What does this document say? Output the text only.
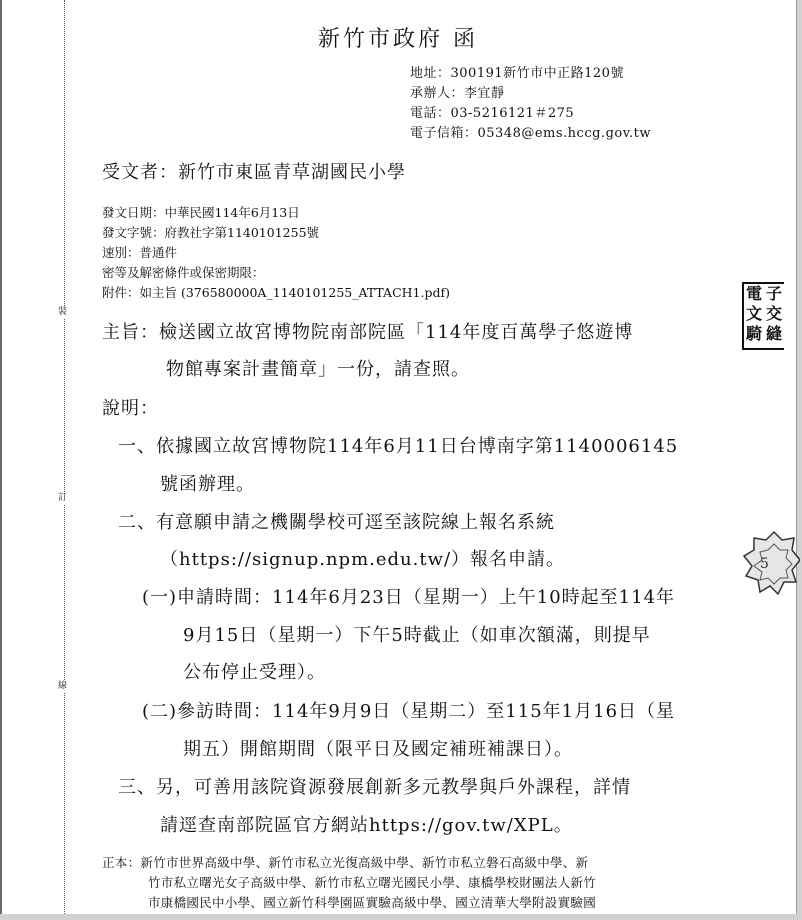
裝
訂
線
新竹市政府 函
地址：300191新竹市中正路120號
承辦人：李宜靜
電話：03-5216121＃275
電子信箱：05348@ems.hccg.gov.tw
受文者：新竹市東區青草湖國民小學
發文日期：中華民國114年6月13日
發文字號：府教社字第1140101255號
速別：普通件
密等及解密條件或保密期限：
附件：如主旨 (376580000A_1140101255_ATTACH1.pdf)
主旨：檢送國立故宮博物院南部院區「114年度百萬學子悠遊博
物館專案計畫簡章」一份，請查照。
說明：
一、依據國立故宮博物院114年6月11日台博南字第1140006145
號函辦理。
二、有意願申請之機關學校可逕至該院線上報名系統
（https://signup.npm.edu.tw/）報名申請。
(一)申請時間：114年6月23日（星期一）上午10時起至114年
9月15日（星期一）下午5時截止（如車次額滿，則提早
公布停止受理）。
(二)參訪時間：114年9月9日（星期二）至115年1月16日（星
期五）開館期間（限平日及國定補班補課日）。
三、另，可善用該院資源發展創新多元教學與戶外課程，詳情
請逕查南部院區官方網站https://gov.tw/XPL。
正本：新竹市世界高級中學、新竹市私立光復高級中學、新竹市私立磐石高級中學、新
竹市私立曙光女子高級中學、新竹市私立曙光國民小學、康橋學校財團法人新竹
市康橋國民中小學、國立新竹科學園區實驗高級中學、國立清華大學附設實驗國
電 子
文 交
騎 縫
5
